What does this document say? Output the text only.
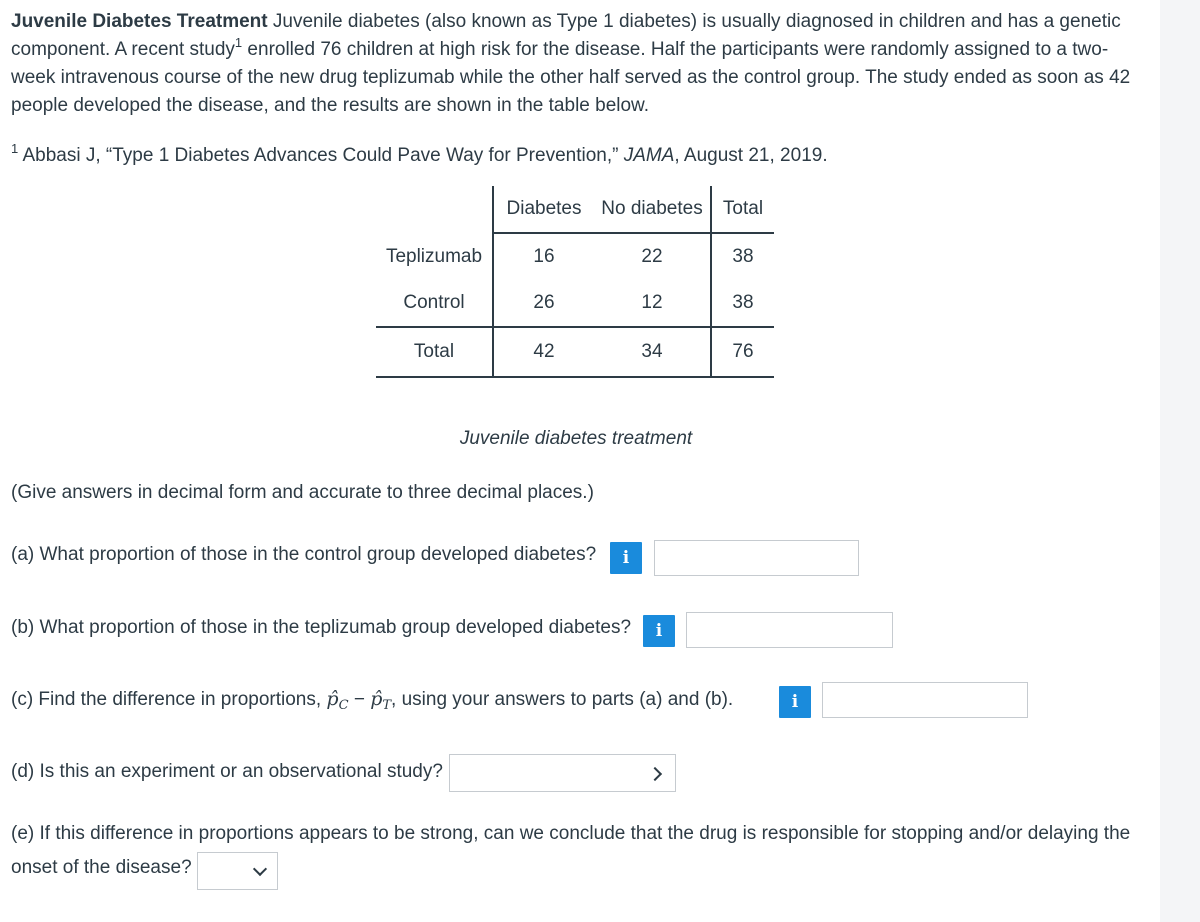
Juvenile Diabetes Treatment Juvenile diabetes (also known as Type 1 diabetes) is usually diagnosed in children and has a genetic component. A recent study$^1$ enrolled 76 children at high risk for the disease. Half the participants were randomly assigned to a two-week intravenous course of the new drug teplizumab while the other half served as the control group. The study ended as soon as 42 people developed the disease, and the results are shown in the table below.

$^1$ Abbasi J, “Type 1 Diabetes Advances Could Pave Way for Prevention,” JAMA, August 21, 2019.

	Diabetes	No diabetes	Total
Teplizumab	16	22	38
Control	26	12	38
Total	42	34	76
Juvenile diabetes treatment

(Give answers in decimal form and accurate to three decimal places.)

(a) What proportion of those in the control group developed diabetes?	i

(b) What proportion of those in the teplizumab group developed diabetes?	i

(c) Find the difference in proportions, $p̂_C$ − $p̂_T$, using your answers to parts (a) and (b).	i

(d) Is this an experiment or an observational study?

(e) If this difference in proportions appears to be strong, can we conclude that the drug is responsible for stopping and/or delaying the

onset of the disease?
